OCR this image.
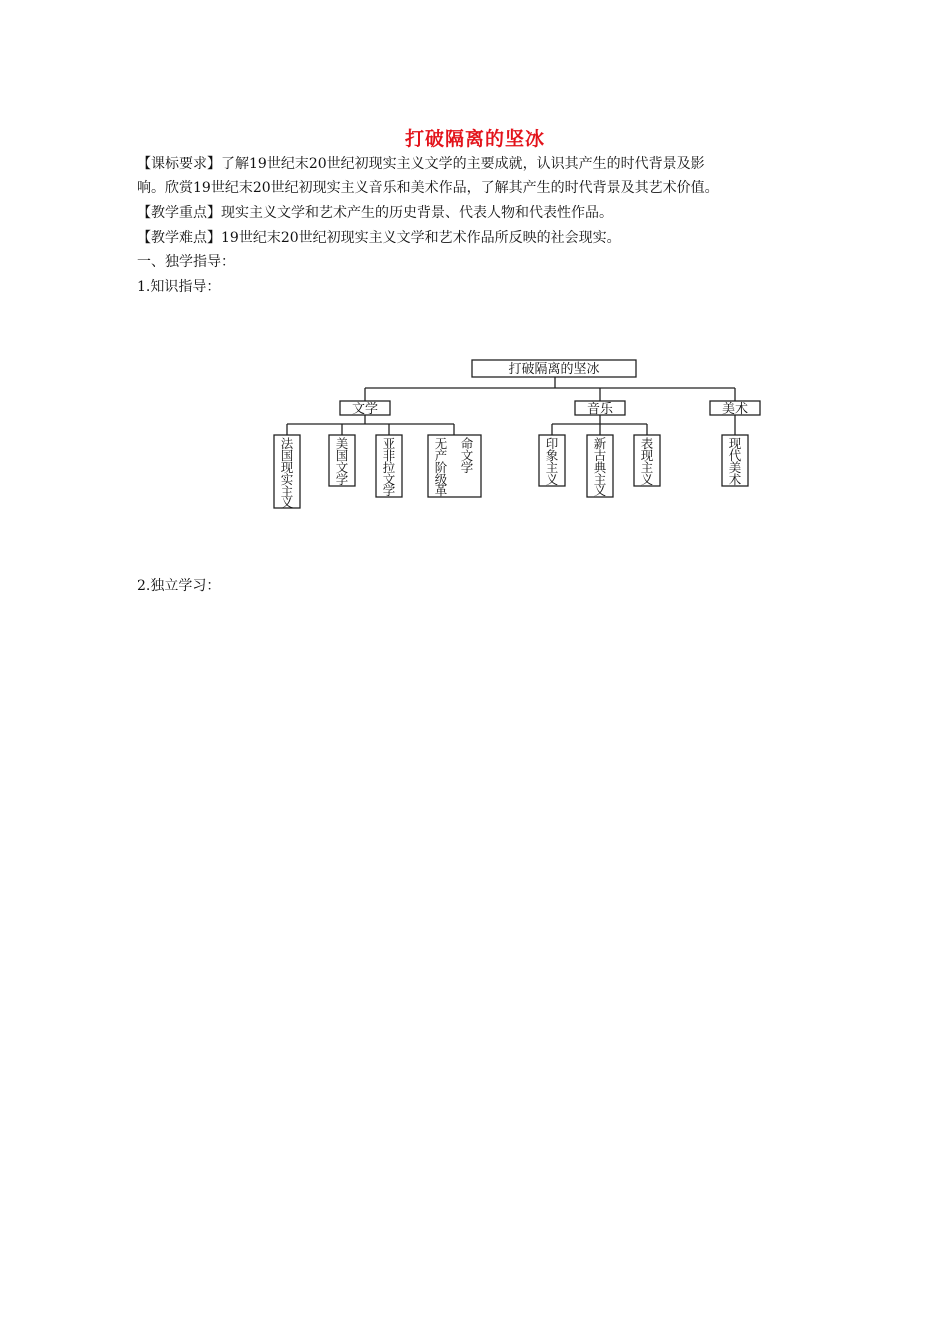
打破隔离的坚冰
【课标要求】了解19世纪末20世纪初现实主义文学的主要成就，认识其产生的时代背景及影
响。欣赏19世纪末20世纪初现实主义音乐和美术作品，了解其产生的时代背景及其艺术价值。
【教学重点】现实主义文学和艺术产生的历史背景、代表人物和代表性作品。
【教学难点】19世纪末20世纪初现实主义文学和艺术作品所反映的社会现实。
一、独学指导：
1.知识指导：
2.独立学习：
打破隔离的坚冰
文学	音乐	美术
法
国
现
实
主
义
美
国
文
学
亚
非
拉
文
学
无
产
阶
级
革
命
文
学
印
象
主
义
新
古
典
主
义
表
现
主
义
现
代
美
术
